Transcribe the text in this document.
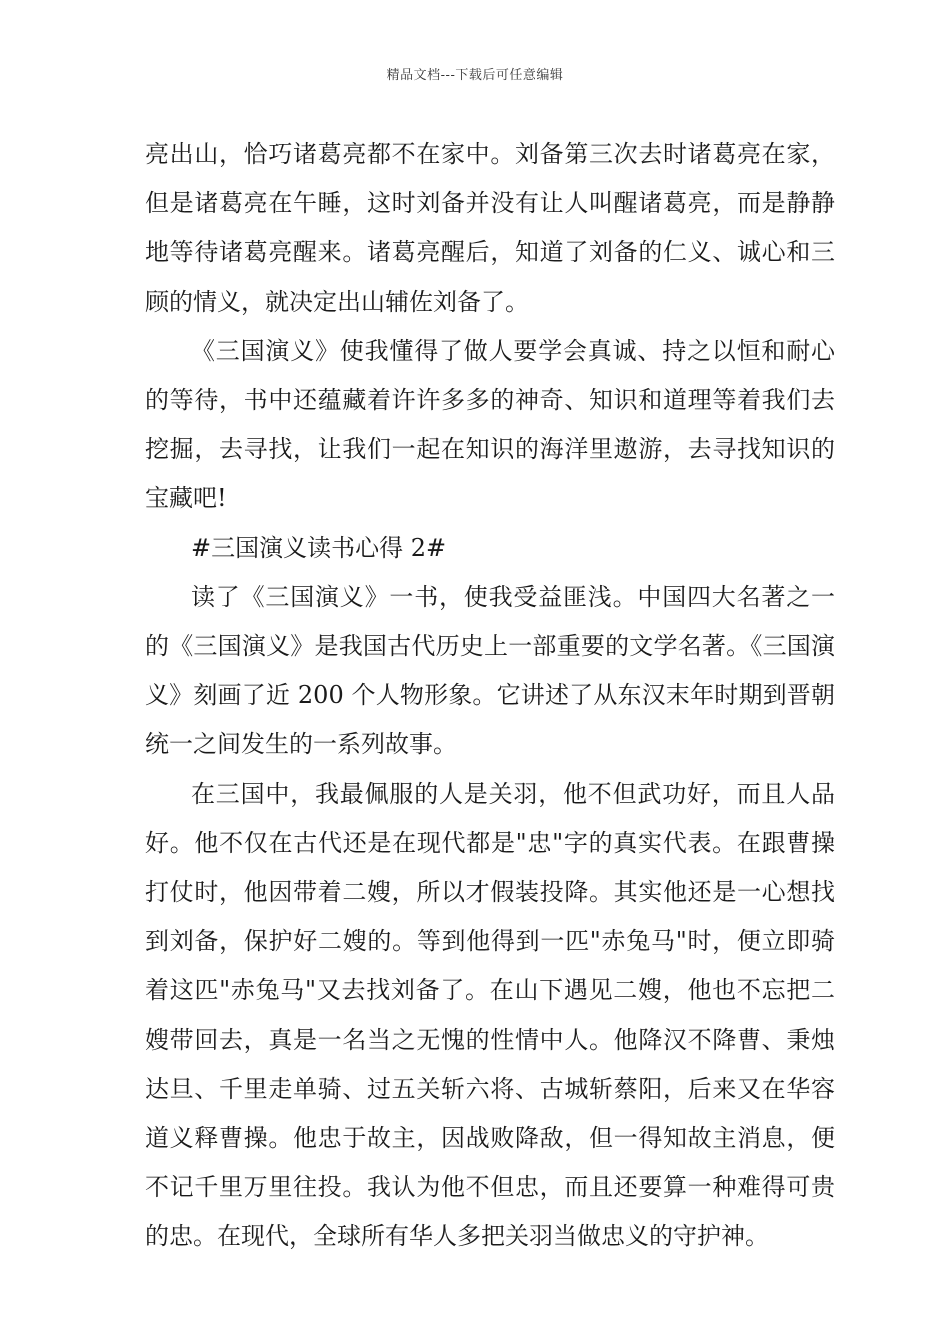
精品文档---下载后可任意编辑

亮出山，恰巧诸葛亮都不在家中。刘备第三次去时诸葛亮在家，但是诸葛亮在午睡，这时刘备并没有让人叫醒诸葛亮，而是静静地等待诸葛亮醒来。诸葛亮醒后，知道了刘备的仁义、诚心和三顾的情义，就决定出山辅佐刘备了。

《三国演义》使我懂得了做人要学会真诚、持之以恒和耐心的等待，书中还蕴藏着许许多多的神奇、知识和道理等着我们去挖掘，去寻找，让我们一起在知识的海洋里遨游，去寻找知识的宝藏吧!

#三国演义读书心得 2#

读了《三国演义》一书，使我受益匪浅。中国四大名著之一的《三国演义》是我国古代历史上一部重要的文学名著。《三国演义》刻画了近 200 个人物形象。它讲述了从东汉末年时期到晋朝统一之间发生的一系列故事。

在三国中，我最佩服的人是关羽，他不但武功好，而且人品好。他不仅在古代还是在现代都是"忠"字的真实代表。在跟曹操打仗时，他因带着二嫂，所以才假装投降。其实他还是一心想找到刘备，保护好二嫂的。等到他得到一匹"赤兔马"时，便立即骑着这匹"赤兔马"又去找刘备了。在山下遇见二嫂，他也不忘把二嫂带回去，真是一名当之无愧的性情中人。他降汉不降曹、秉烛达旦、千里走单骑、过五关斩六将、古城斩蔡阳，后来又在华容道义释曹操。他忠于故主，因战败降敌，但一得知故主消息，便不记千里万里往投。我认为他不但忠，而且还要算一种难得可贵的忠。在现代，全球所有华人多把关羽当做忠义的守护神。
